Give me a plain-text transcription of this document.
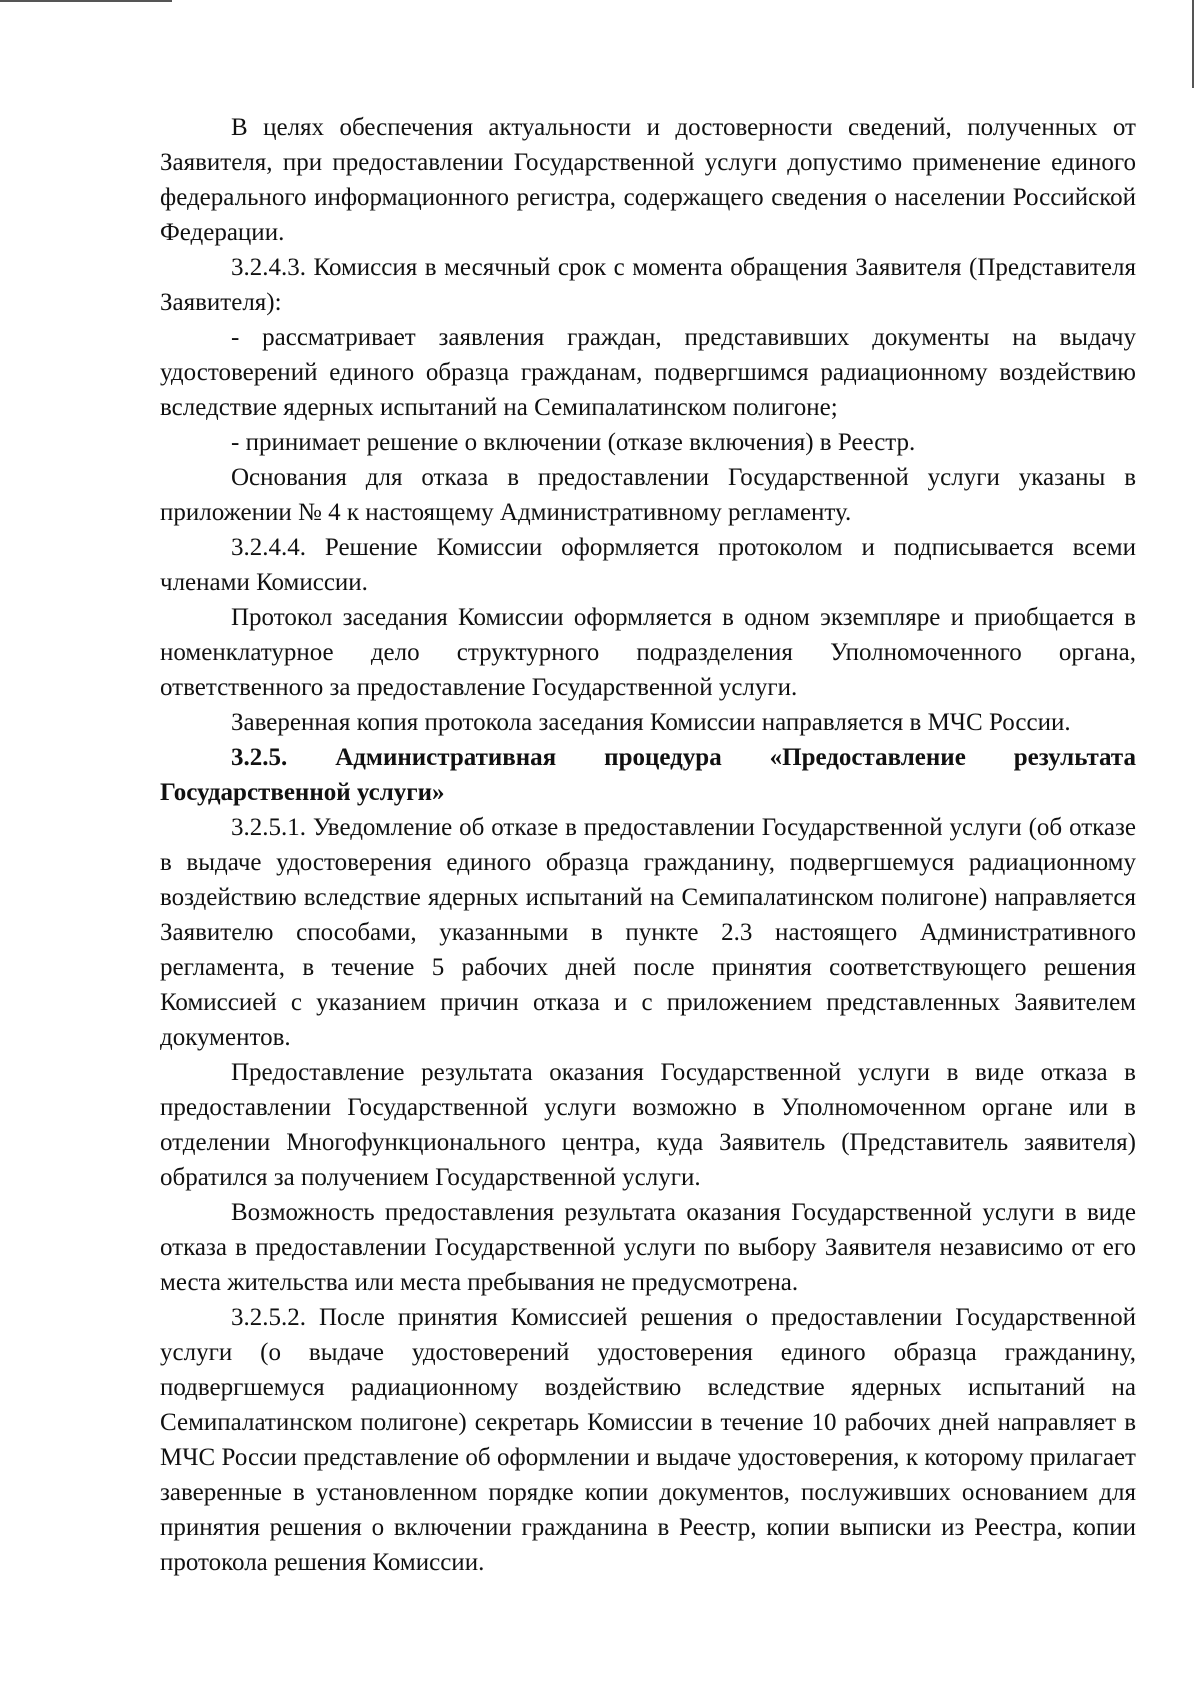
В целях обеспечения актуальности и достоверности сведений, полученных от Заявителя, при предоставлении Государственной услуги допустимо применение единого федерального информационного регистра, содержащего сведения о населении Российской Федерации.

3.2.4.3. Комиссия в месячный срок с момента обращения Заявителя (Представителя Заявителя):

- рассматривает заявления граждан, представивших документы на выдачу удостоверений единого образца гражданам, подвергшимся радиационному воздействию вследствие ядерных испытаний на Семипалатинском полигоне;

- принимает решение о включении (отказе включения) в Реестр.

Основания для отказа в предоставлении Государственной услуги указаны в приложении № 4 к настоящему Административному регламенту.

3.2.4.4. Решение Комиссии оформляется протоколом и подписывается всеми членами Комиссии.

Протокол заседания Комиссии оформляется в одном экземпляре и приобщается в номенклатурное дело структурного подразделения Уполномоченного органа, ответственного за предоставление Государственной услуги.

Заверенная копия протокола заседания Комиссии направляется в МЧС России.

3.2.5. Административная процедура «Предоставление результата Государственной услуги»

3.2.5.1. Уведомление об отказе в предоставлении Государственной услуги (об отказе в выдаче удостоверения единого образца гражданину, подвергшемуся радиационному воздействию вследствие ядерных испытаний на Семипалатинском полигоне) направляется Заявителю способами, указанными в пункте 2.3 настоящего Административного регламента, в течение 5 рабочих дней после принятия соответствующего решения Комиссией с указанием причин отказа и с приложением представленных Заявителем документов.

Предоставление результата оказания Государственной услуги в виде отказа в предоставлении Государственной услуги возможно в Уполномоченном органе или в отделении Многофункционального центра, куда Заявитель (Представитель заявителя) обратился за получением Государственной услуги.

Возможность предоставления результата оказания Государственной услуги в виде отказа в предоставлении Государственной услуги по выбору Заявителя независимо от его места жительства или места пребывания не предусмотрена.

3.2.5.2. После принятия Комиссией решения о предоставлении Государственной услуги (о выдаче удостоверений удостоверения единого образца гражданину, подвергшемуся радиационному воздействию вследствие ядерных испытаний на Семипалатинском полигоне) секретарь Комиссии в течение 10 рабочих дней направляет в МЧС России представление об оформлении и выдаче удостоверения, к которому прилагает заверенные в установленном порядке копии документов, послуживших основанием для принятия решения о включении гражданина в Реестр, копии выписки из Реестра, копии протокола решения Комиссии.
